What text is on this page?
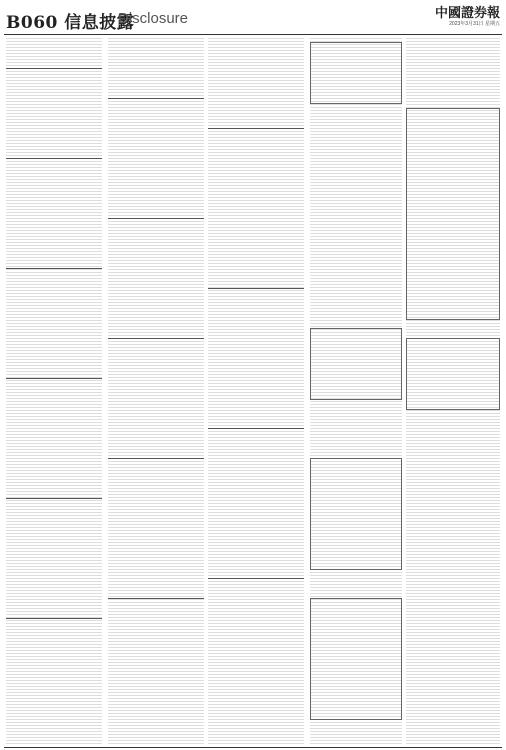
B060 信息披露
Disclosure	中國證券報
2023年3月31日 星期五
